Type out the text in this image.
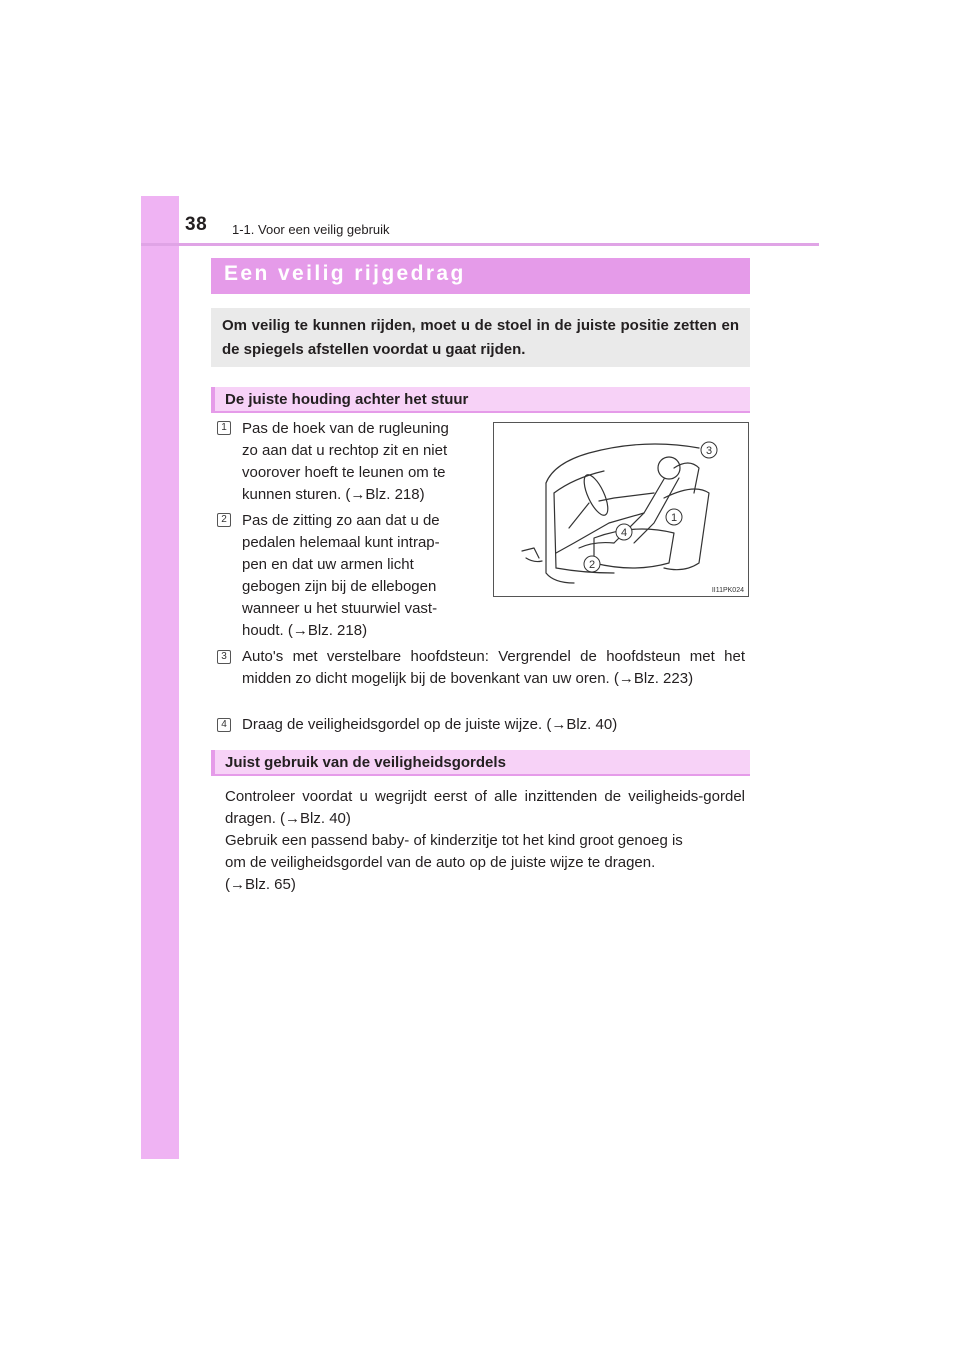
38 1-1. Voor een veilig gebruik
Een veilig rijgedrag

Om veilig te kunnen rijden, moet u de stoel in de juiste positie zetten en de spiegels afstellen voordat u gaat rijden.

De juiste houding achter het stuur
1 Pas de hoek van de rugleuning
zo aan dat u rechtop zit en niet
voorover hoeft te leunen om te
kunnen sturen. (→Blz. 218)
2 Pas de zitting zo aan dat u de
pedalen helemaal kunt intrap-
pen en dat uw armen licht
gebogen zijn bij de ellebogen
wanneer u het stuurwiel vast-
houdt. (→Blz. 218)
3
1
4
2
II11PK024
3 Auto's met verstelbare hoofdsteun: Vergrendel de hoofdsteun met het midden zo dicht mogelijk bij de bovenkant van uw oren. (→Blz. 223)
4 Draag de veiligheidsgordel op de juiste wijze. (→Blz. 40)
Juist gebruik van de veiligheidsgordels
Controleer voordat u wegrijdt eerst of alle inzittenden de veiligheids-gordel dragen. (→Blz. 40)
Gebruik een passend baby- of kinderzitje tot het kind groot genoeg is
om de veiligheidsgordel van de auto op de juiste wijze te dragen.
(→Blz. 65)
